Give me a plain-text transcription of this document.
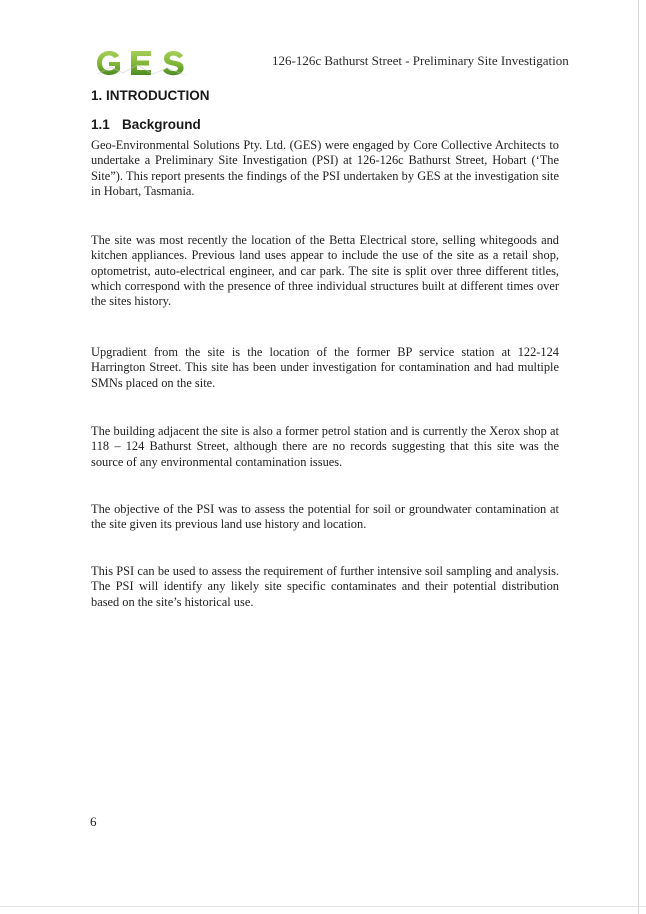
126-126c Bathurst Street - Preliminary Site Investigation
1. INTRODUCTION
1.1 Background
Geo-Environmental Solutions Pty. Ltd. (GES) were engaged by Core Collective Architects to undertake a Preliminary Site Investigation (PSI) at 126-126c Bathurst Street, Hobart (‘The Site”). This report presents the findings of the PSI undertaken by GES at the investigation site in Hobart, Tasmania.
The site was most recently the location of the Betta Electrical store, selling whitegoods and kitchen appliances. Previous land uses appear to include the use of the site as a retail shop, optometrist, auto-electrical engineer, and car park. The site is split over three different titles, which correspond with the presence of three individual structures built at different times over the sites history.
Upgradient from the site is the location of the former BP service station at 122-124 Harrington Street. This site has been under investigation for contamination and had multiple SMNs placed on the site.
The building adjacent the site is also a former petrol station and is currently the Xerox shop at 118 – 124 Bathurst Street, although there are no records suggesting that this site was the source of any environmental contamination issues.
The objective of the PSI was to assess the potential for soil or groundwater contamination at the site given its previous land use history and location.
This PSI can be used to assess the requirement of further intensive soil sampling and analysis. The PSI will identify any likely site specific contaminates and their potential distribution based on the site’s historical use.
6
